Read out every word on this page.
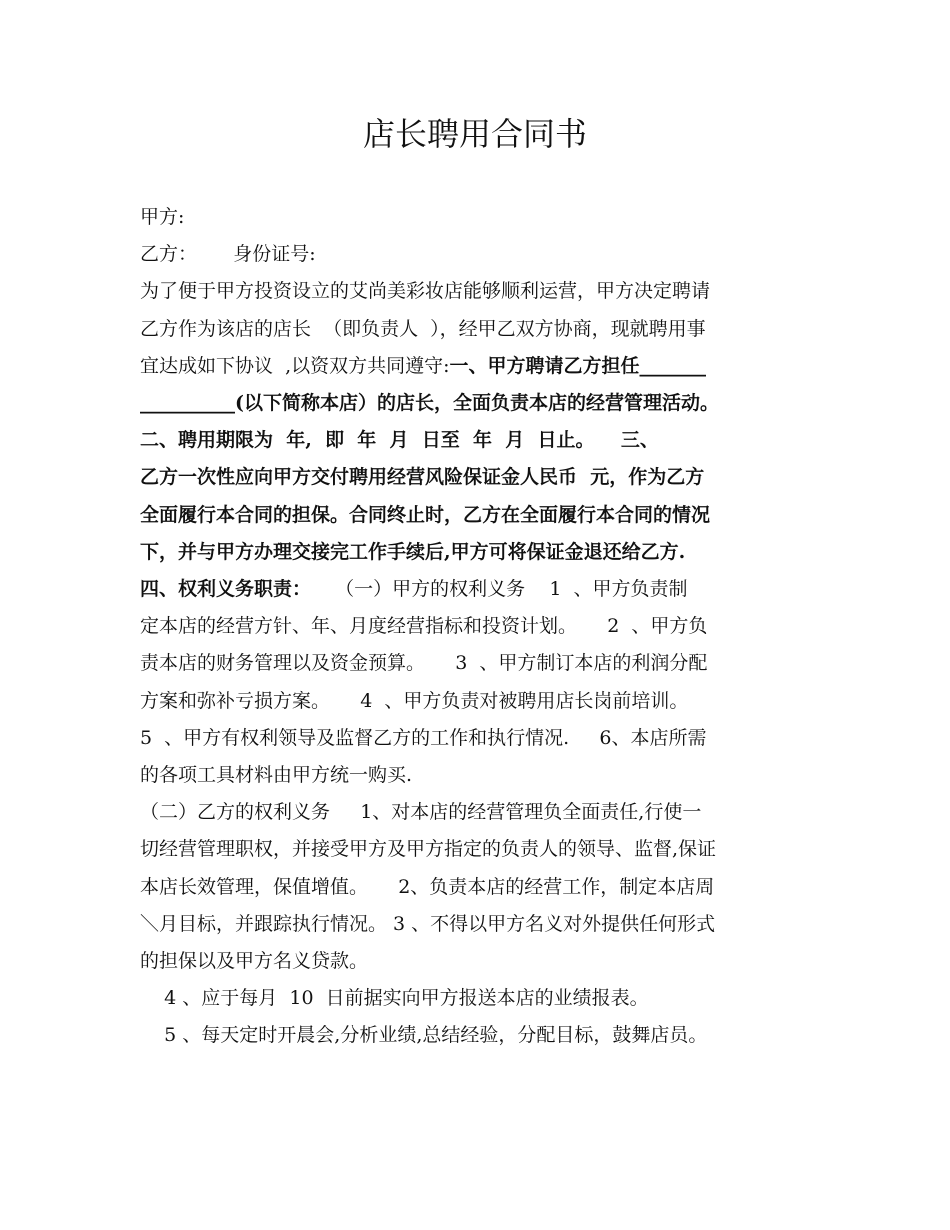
店长聘用合同书
甲方:
乙方：      身份证号:
为了便于甲方投资设立的艾尚美彩妆店能够顺利运营，甲方决定聘请
乙方作为该店的店长  （即负责人  ），经甲乙双方协商，现就聘用事
宜达成如下协议  ,以资双方共同遵守:一、甲方聘请乙方担任_______
__________(以下简称本店）的店长，全面负责本店的经营管理活动。
二、聘用期限为  年,  即  年  月  日至  年  月  日止。    三、
乙方一次性应向甲方交付聘用经营风险保证金人民币  元，作为乙方
全面履行本合同的担保。合同终止时，乙方在全面履行本合同的情况
下，并与甲方办理交接完工作手续后,甲方可将保证金退还给乙方.
四、权利义务职责：    （一）甲方的权利义务    1  、甲方负责制
定本店的经营方针、年、月度经营指标和投资计划。     2  、甲方负
责本店的财务管理以及资金预算。     3  、甲方制订本店的利润分配
方案和弥补亏损方案。     4  、甲方负责对被聘用店长岗前培训。
5  、甲方有权利领导及监督乙方的工作和执行情况.     6、本店所需
的各项工具材料由甲方统一购买.
（二）乙方的权利义务     1、对本店的经营管理负全面责任,行使一
切经营管理职权，并接受甲方及甲方指定的负责人的领导、监督,保证
本店长效管理，保值增值。     2、负责本店的经营工作，制定本店周
＼月目标，并跟踪执行情况。 3 、不得以甲方名义对外提供任何形式
的担保以及甲方名义贷款。
4 、应于每月  10  日前据实向甲方报送本店的业绩报表。
5 、每天定时开晨会,分析业绩,总结经验，分配目标，鼓舞店员。
